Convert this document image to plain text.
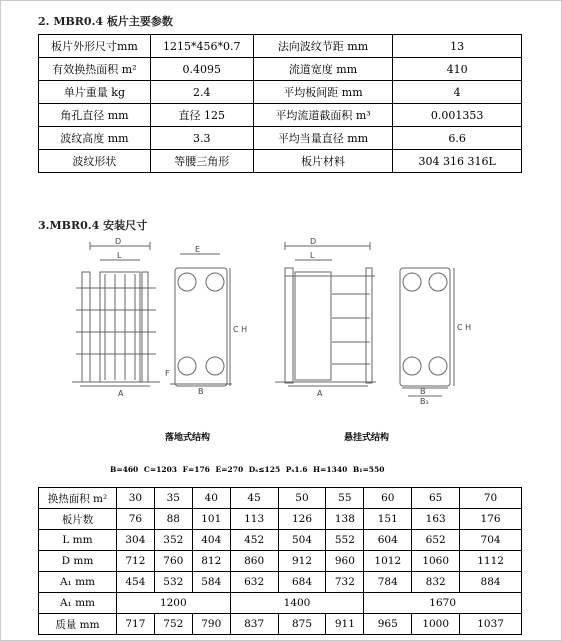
2. MBR0.4 板片主要参数
板片外形尺寸mm	1215*456*0.7	法向波纹节距 mm	13
有效换热面积 m²	0.4095	流道宽度 mm	410
单片重量 kg	2.4	平均板间距 mm	4
角孔直径 mm	直径 125	平均流道截面积 m³	0.001353
波纹高度 mm	3.3	平均当量直径 mm	6.6
波纹形状	等腰三角形	板片材料	304 316 316L
3.MBR0.4 安装尺寸
D
L
A
E
C H
F
B
D
L
A
C H
B
B₁
落地式结构	悬挂式结构
B=460 C=1203 F=176 E=270 Dₛ≤125 Pₛ1.6 H=1340 B₁=550
换热面积 m²	30	35	40	45	50	55	60	65	70
板片数	76	88	101	113	126	138	151	163	176
L mm	304	352	404	452	504	552	604	652	704
D mm	712	760	812	860	912	960	1012	1060	1112
A₁ mm	454	532	584	632	684	732	784	832	884
A₁ mm	1200			1400			1670		
质量 mm	717	752	790	837	875	911	965	1000	1037
